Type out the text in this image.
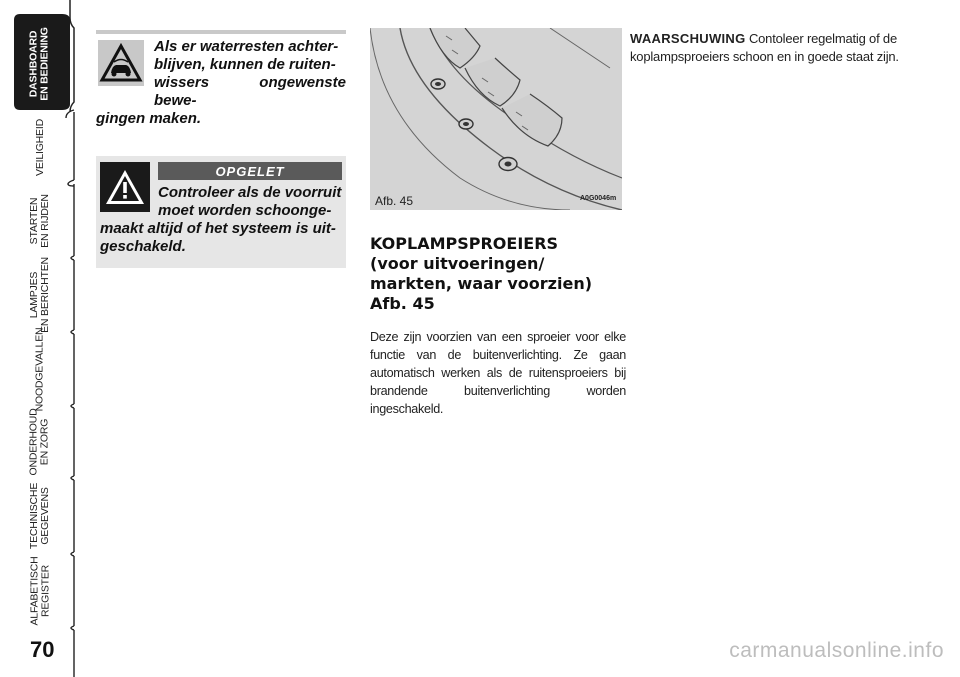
DASHBOARD
EN BEDIENING
VEILIGHEID
STARTEN
EN RIJDEN
LAMPJES
EN BERICHTEN
NOODGEVALLEN
ONDERHOUD
EN ZORG
TECHNISCHE
GEGEVENS
ALFABETISCH
REGISTER
70
Als er waterresten achter-
blijven, kunnen de ruiten-
wissers ongewenste bewe-
gingen maken.
OPGELET
Controleer als de voorruit
moet worden schoonge-
maakt altijd of het systeem is uit-
geschakeld.
Afb. 45	A0G0046m
KOPLAMPSPROEIERS
(voor uitvoeringen/
markten, waar voorzien)
Afb. 45
Deze zijn voorzien van een sproeier voor elke functie van de buitenverlichting. Ze gaan automatisch werken als de ruitensproeiers bij brandende buitenverlichting worden ingeschakeld.
WAARSCHUWING Contoleer regelmatig of de koplampsproeiers schoon en in goede staat zijn.
carmanualsonline.info
